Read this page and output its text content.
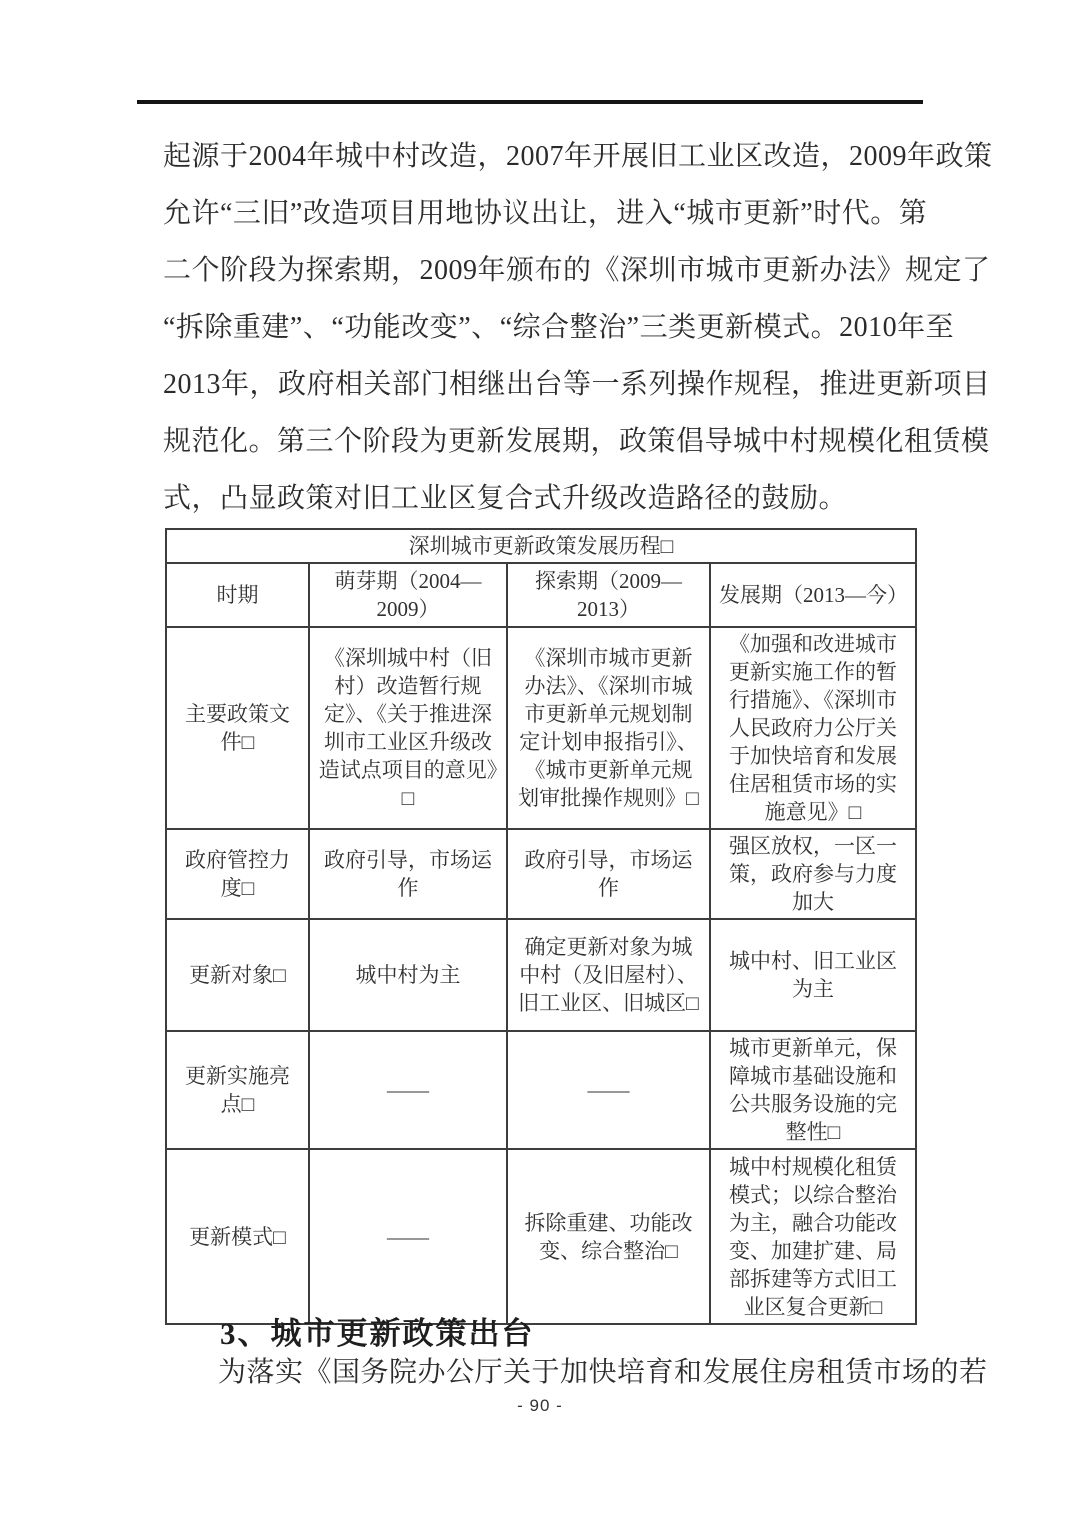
起源于2004年城中村改造，2007年开展旧工业区改造，2009年政策
允许“三旧”改造项目用地协议出让，进入“城市更新”时代。第
二个阶段为探索期，2009年颁布的《深圳市城市更新办法》规定了
“拆除重建”、“功能改变”、“综合整治”三类更新模式。2010年至
2013年，政府相关部门相继出台等一系列操作规程，推进更新项目
规范化。第三个阶段为更新发展期，政策倡导城中村规模化租赁模
式，凸显政策对旧工业区复合式升级改造路径的鼓励。
深圳城市更新政策发展历程□			
时期	萌芽期（2004—2009）	探索期（2009—2013）	发展期（2013—今）
主要政策文件□	《深圳城中村（旧村）改造暂行规定》、《关于推进深圳市工业区升级改造试点项目的意见》□	《深圳市城市更新办法》、《深圳市城市更新单元规划制定计划申报指引》、《城市更新单元规划审批操作规则》□	《加强和改进城市更新实施工作的暂行措施》、《深圳市人民政府力公厅关于加快培育和发展住居租赁市场的实施意见》□
政府管控力度□	政府引导，市场运作	政府引导，市场运作	强区放权，一区一策，政府参与力度加大
更新对象□	城中村为主	确定更新对象为城中村（及旧屋村）、旧工业区、旧城区□	城中村、旧工业区为主
更新实施亮点□	——	——	城市更新单元，保障城市基础设施和公共服务设施的完整性□
更新模式□	——	拆除重建、功能改变、综合整治□	城中村规模化租赁模式；以综合整治为主，融合功能改变、加建扩建、局部拆建等方式旧工业区复合更新□
3、城市更新政策出台
为落实《国务院办公厅关于加快培育和发展住房租赁市场的若
- 90 -
